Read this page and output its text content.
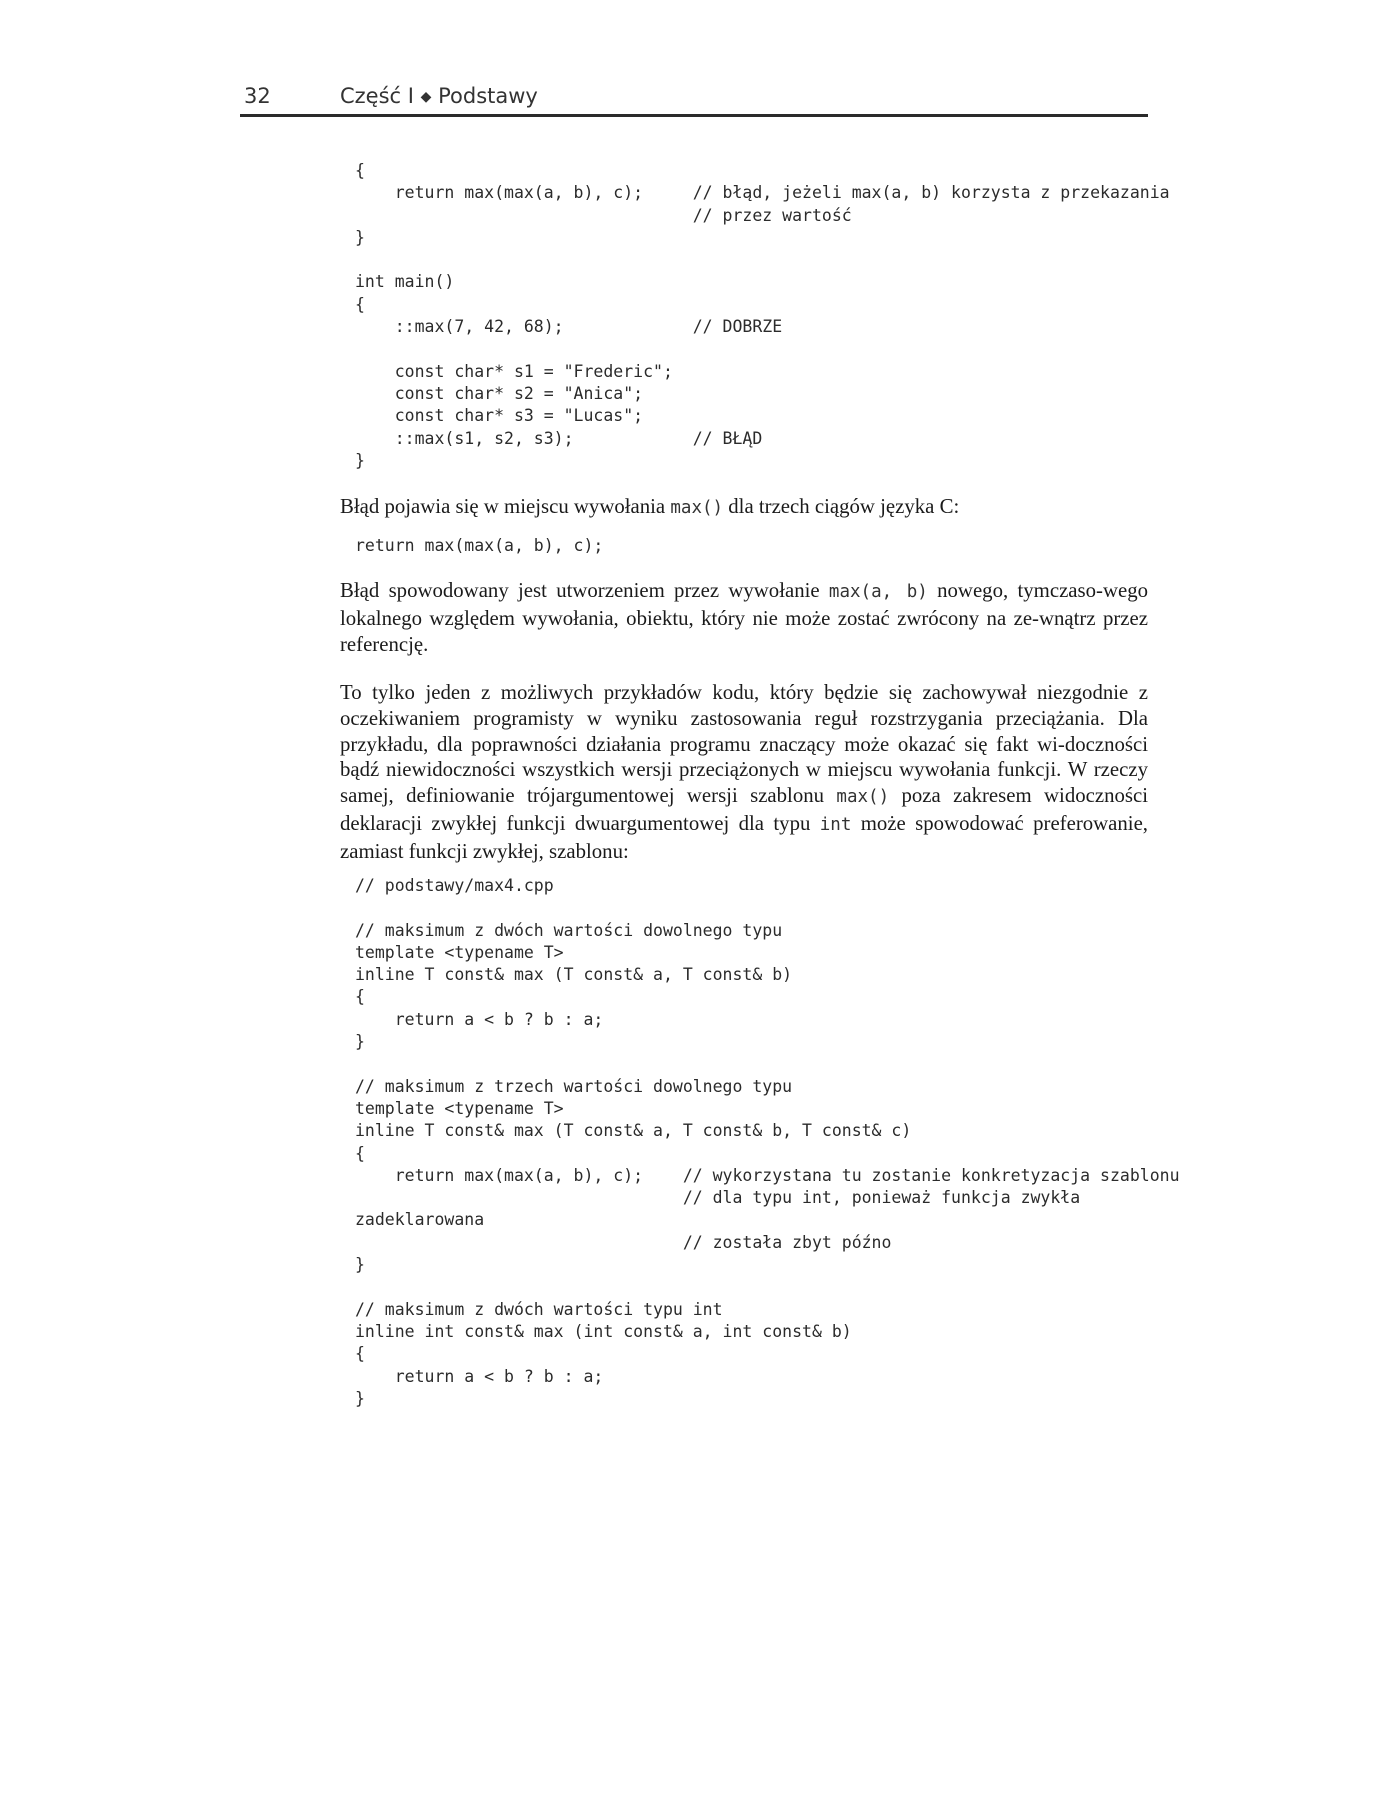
32	Część I ◆ Podstawy
{
return max(max(a, b), c);     // błąd, jeżeli max(a, b) korzysta z przekazania
// przez wartość
}

int main()
{
::max(7, 42, 68);             // DOBRZE

const char* s1 = "Frederic";
const char* s2 = "Anica";
const char* s3 = "Lucas";
::max(s1, s2, s3);            // BŁĄD
}

Błąd pojawia się w miejscu wywołania max() dla trzech ciągów języka C:

return max(max(a, b), c);

Błąd spowodowany jest utworzeniem przez wywołanie max(a, b) nowego, tymczaso-wego lokalnego względem wywołania, obiektu, który nie może zostać zwrócony na ze-wnątrz przez referencję.

To tylko jeden z możliwych przykładów kodu, który będzie się zachowywał niezgodnie z oczekiwaniem programisty w wyniku zastosowania reguł rozstrzygania przeciążania. Dla przykładu, dla poprawności działania programu znaczący może okazać się fakt wi-doczności bądź niewidoczności wszystkich wersji przeciążonych w miejscu wywołania funkcji. W rzeczy samej, definiowanie trójargumentowej wersji szablonu max() poza zakresem widoczności deklaracji zwykłej funkcji dwuargumentowej dla typu int może spowodować preferowanie, zamiast funkcji zwykłej, szablonu:

// podstawy/max4.cpp

// maksimum z dwóch wartości dowolnego typu
template <typename T>
inline T const& max (T const& a, T const& b)
{
return a < b ? b : a;
}

// maksimum z trzech wartości dowolnego typu
template <typename T>
inline T const& max (T const& a, T const& b, T const& c)
{
return max(max(a, b), c);    // wykorzystana tu zostanie konkretyzacja szablonu
// dla typu int, ponieważ funkcja zwykła
zadeklarowana
// została zbyt późno
}

// maksimum z dwóch wartości typu int
inline int const& max (int const& a, int const& b)
{
return a < b ? b : a;
}
